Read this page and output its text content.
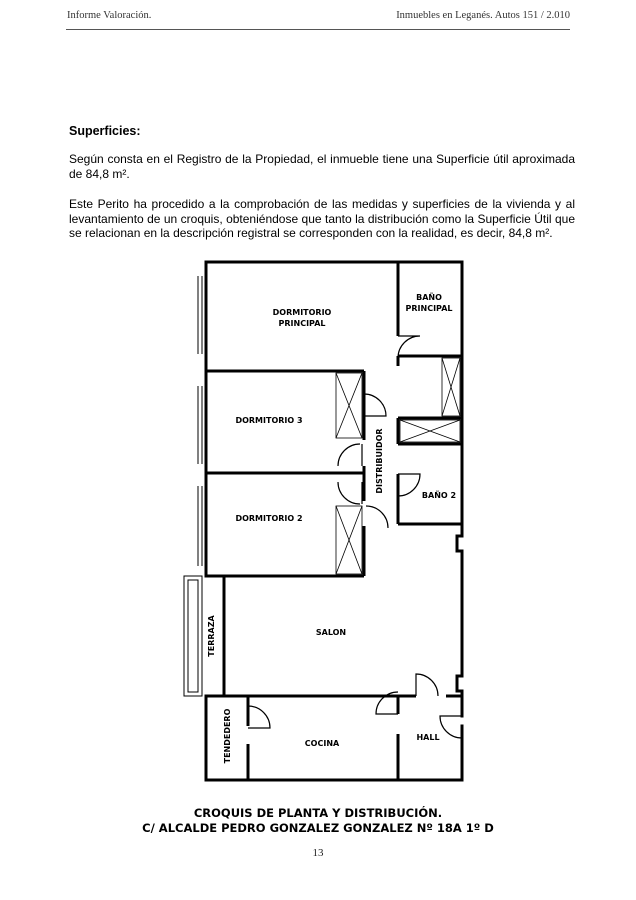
Informe Valoración.	Inmuebles en Leganés. Autos 151 / 2.010
Superficies:

Según consta en el Registro de la Propiedad, el inmueble tiene una Superficie útil aproximada de 84,8 m².

Este Perito ha procedido a la comprobación de las medidas y superficies de la vivienda y al levantamiento de un croquis, obteniéndose que tanto la distribución como la Superficie Útil que se relacionan en la descripción registral se corresponden con la realidad, es decir, 84,8 m².

DORMITORIO
PRINCIPAL
BAÑO
PRINCIPAL
DORMITORIO 3
DORMITORIO 2
DISTRIBUIDOR
BAÑO 2
TERRAZA	SALON
TENDEDERO	COCINA
HALL
CROQUIS DE PLANTA Y DISTRIBUCIÓN.
C/ ALCALDE PEDRO GONZALEZ GONZALEZ Nº 18A 1º D
13
